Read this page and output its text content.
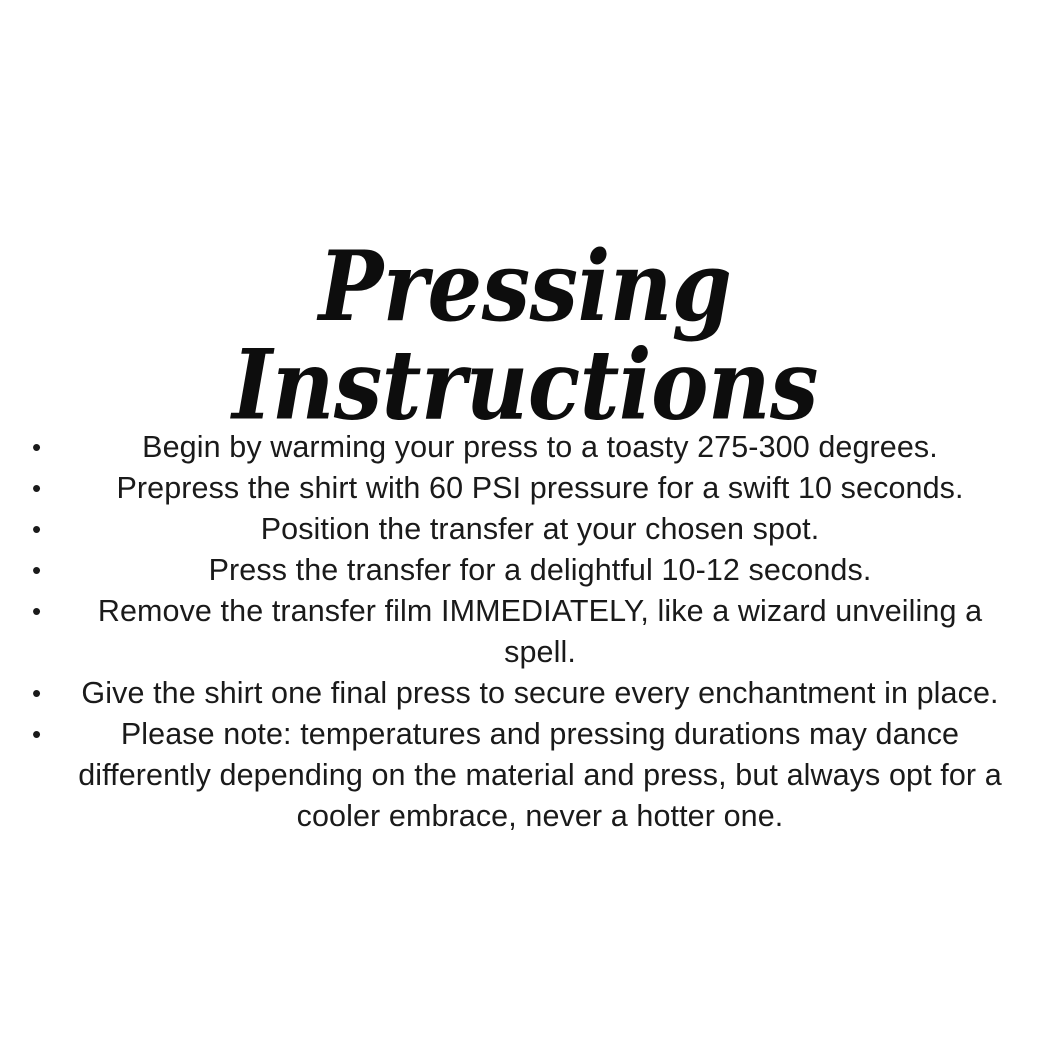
Pressing Instructions
•	Begin by warming your press to a toasty 275-300 degrees.
•	Prepress the shirt with 60 PSI pressure for a swift 10 seconds.
•	Position the transfer at your chosen spot.
•	Press the transfer for a delightful 10-12 seconds.
•	Remove the transfer film IMMEDIATELY, like a wizard unveiling a spell.
•	Give the shirt one final press to secure every enchantment in place.
•	Please note: temperatures and pressing durations may dance differently depending on the material and press, but always opt for a cooler embrace, never a hotter one.
